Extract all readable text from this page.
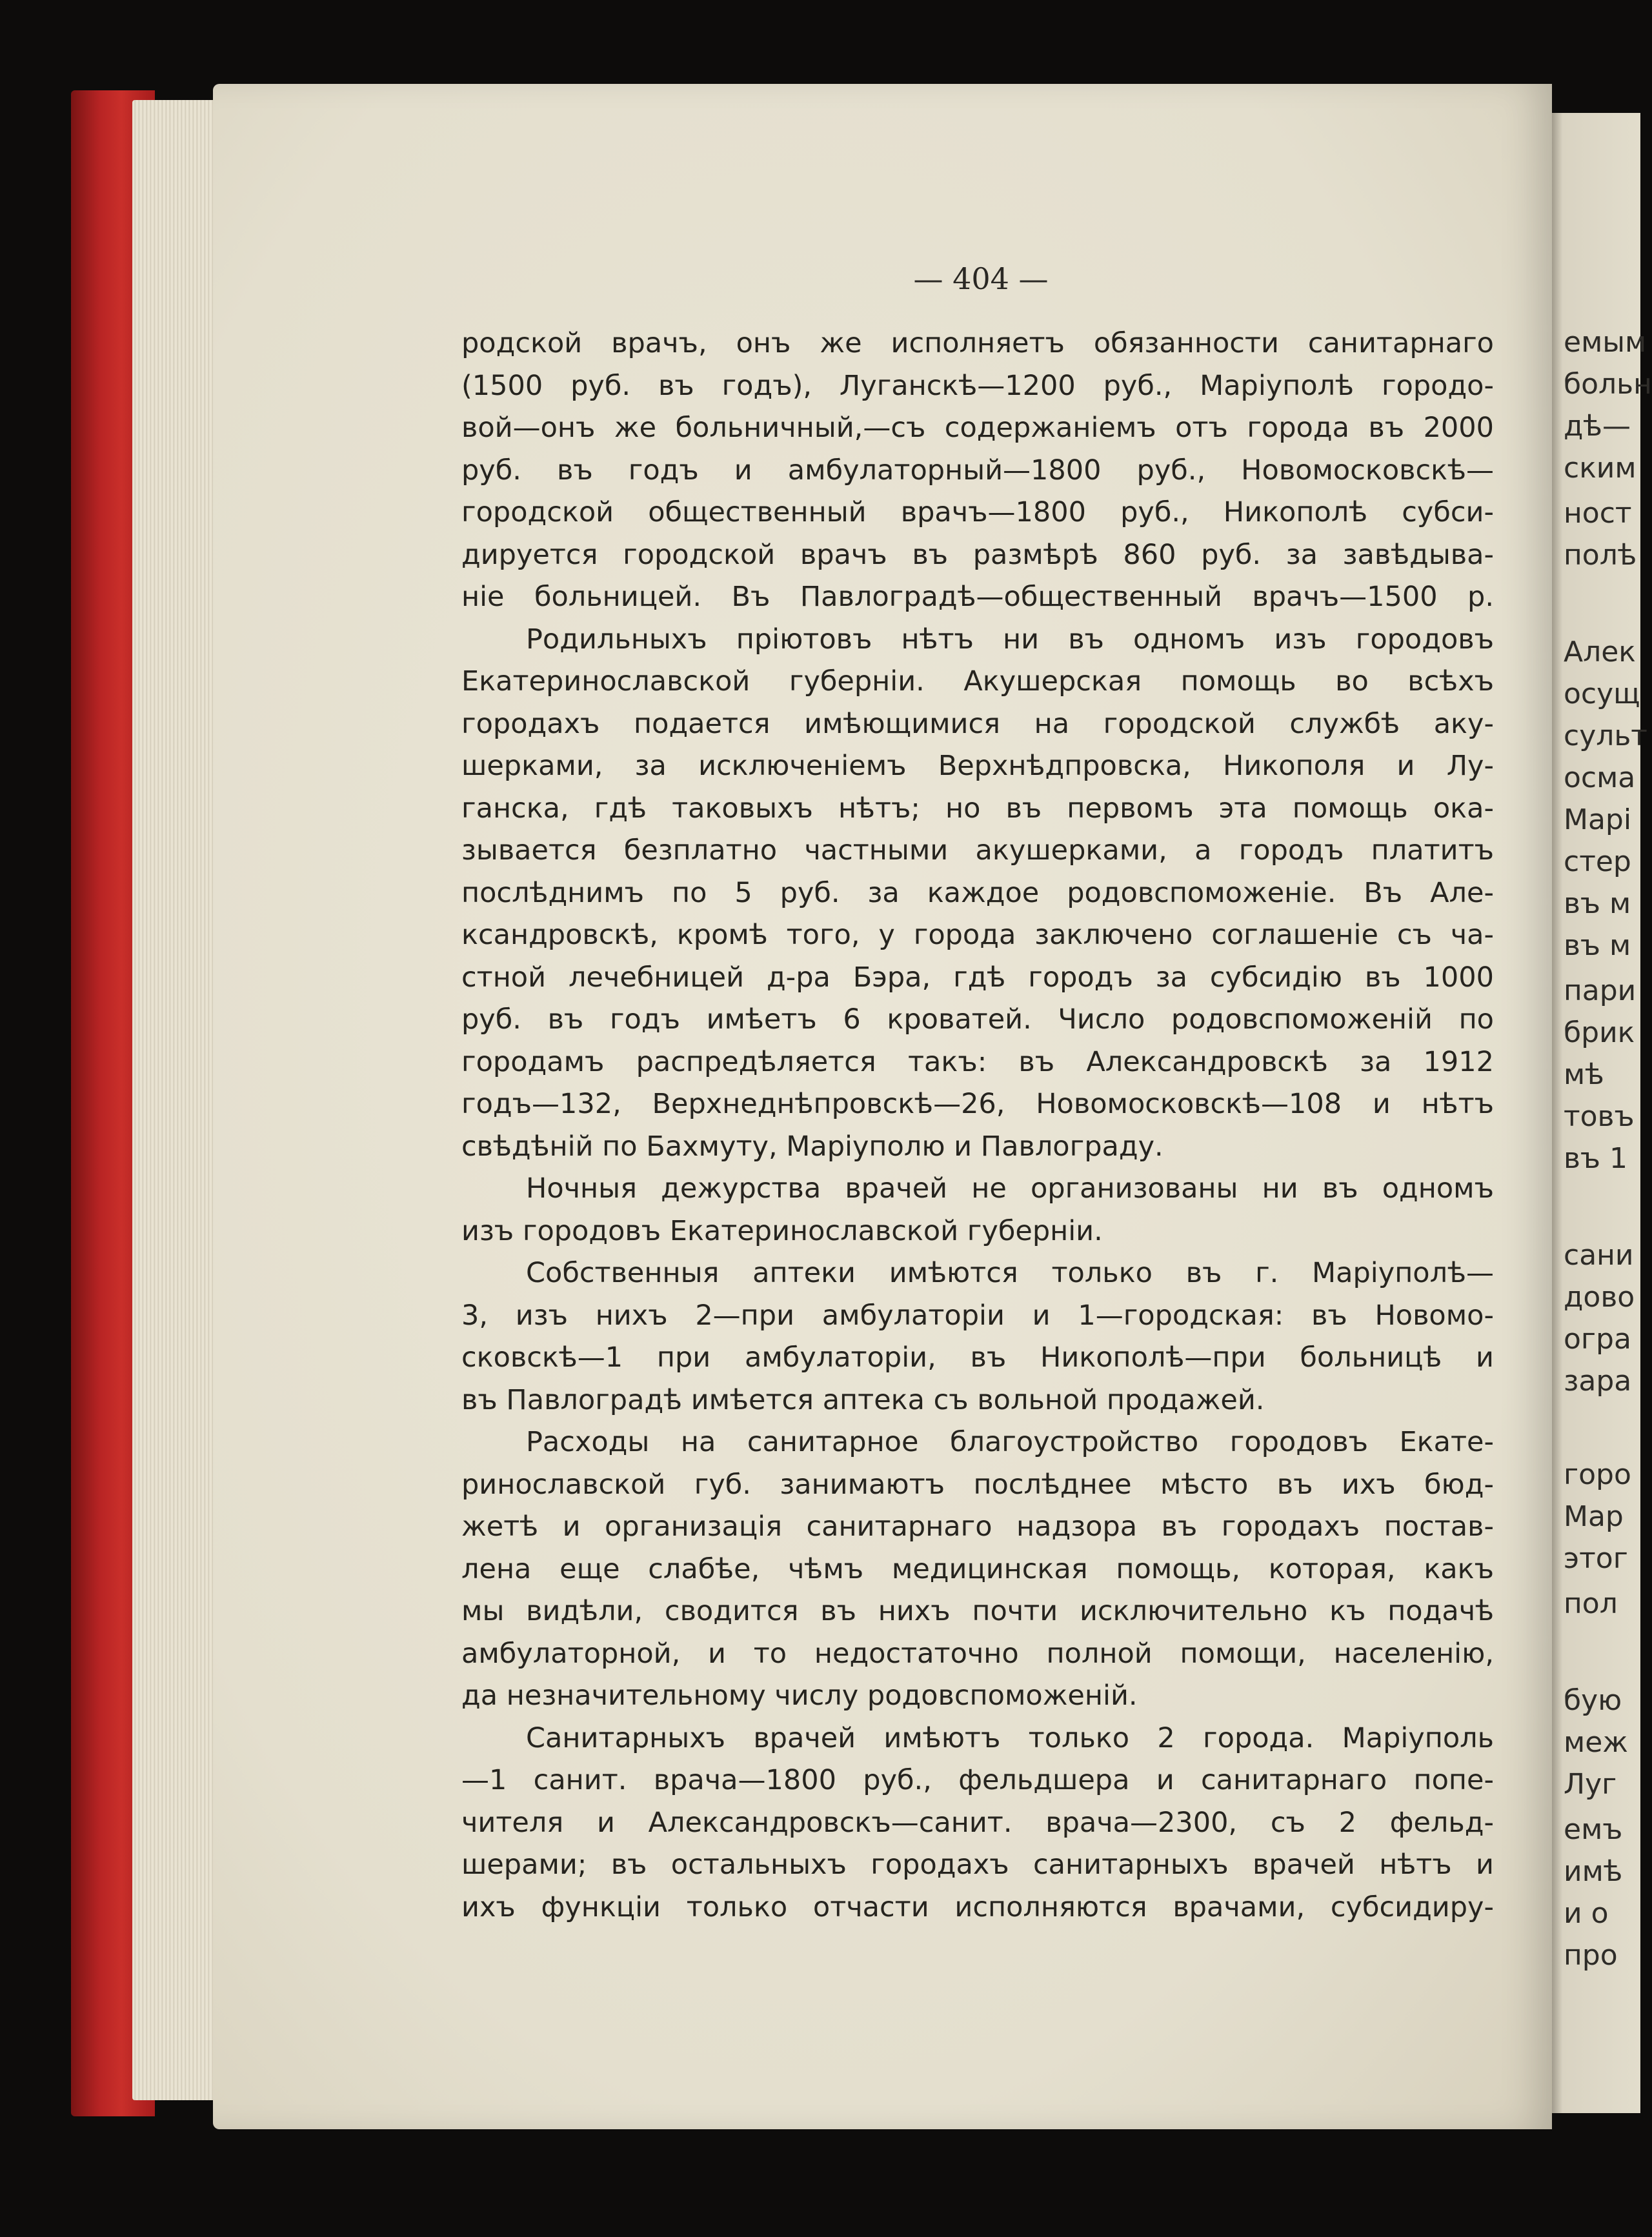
— 404 —
родской врачъ, онъ же исполняетъ обязанности санитарнаго
(1500 руб. въ годъ), Луганскѣ—1200 руб., Маріуполѣ городо-
вой—онъ же больничный,—съ содержаніемъ отъ города въ 2000
руб. въ годъ и амбулаторный—1800 руб., Новомосковскѣ—
городской общественный врачъ—1800 руб., Никополѣ субси-
дируется городской врачъ въ размѣрѣ 860 руб. за завѣдыва-
ніе больницей. Въ Павлоградѣ—общественный врачъ—1500 р.
Родильныхъ пріютовъ нѣтъ ни въ одномъ изъ городовъ
Екатеринославской губерніи. Акушерская помощь во всѣхъ
городахъ подается имѣющимися на городской службѣ аку-
шерками, за исключеніемъ Верхнѣдпровска, Никополя и Лу-
ганска, гдѣ таковыхъ нѣтъ; но въ первомъ эта помощь ока-
зывается безплатно частными акушерками, а городъ платитъ
послѣднимъ по 5 руб. за каждое родовспоможеніе. Въ Але-
ксандровскѣ, кромѣ того, у города заключено соглашеніе съ ча-
стной лечебницей д-ра Бэра, гдѣ городъ за субсидію въ 1000
руб. въ годъ имѣетъ 6 кроватей. Число родовспоможеній по
городамъ распредѣляется такъ: въ Александровскѣ за 1912
годъ—132, Верхнеднѣпровскѣ—26, Новомосковскѣ—108 и нѣтъ
свѣдѣній по Бахмуту, Маріуполю и Павлограду.
Ночныя дежурства врачей не организованы ни въ одномъ
изъ городовъ Екатеринославской губерніи.
Собственныя аптеки имѣются только въ г. Маріуполѣ—
3, изъ нихъ 2—при амбулаторіи и 1—городская: въ Новомо-
сковскѣ—1 при амбулаторіи, въ Никополѣ—при больницѣ и
въ Павлоградѣ имѣется аптека съ вольной продажей.
Расходы на санитарное благоустройство городовъ Екате-
ринославской губ. занимаютъ послѣднее мѣсто въ ихъ бюд-
жетѣ и организація санитарнаго надзора въ городахъ постав-
лена еще слабѣе, чѣмъ медицинская помощь, которая, какъ
мы видѣли, сводится въ нихъ почти исключительно къ подачѣ
амбулаторной, и то недостаточно полной помощи, населенію,
да незначительному числу родовспоможеній.
Санитарныхъ врачей имѣютъ только 2 города. Маріуполь
—1 санит. врача—1800 руб., фельдшера и санитарнаго попе-
чителя и Александровскъ—санит. врача—2300, съ 2 фельд-
шерами; въ остальныхъ городахъ санитарныхъ врачей нѣтъ и
ихъ функціи только отчасти исполняются врачами, субсидиру-
емым
больн
дѣ—
ским
ност
полѣ
Алек
осущ
сульт
осма
Марі
стер
въ м
въ м
пари
брик
мѣ
товъ
въ 1
сани
дово
огра
зара
горо
Мар
этог
пол
бую
меж
Луг
емъ
имѣ
и о
про
